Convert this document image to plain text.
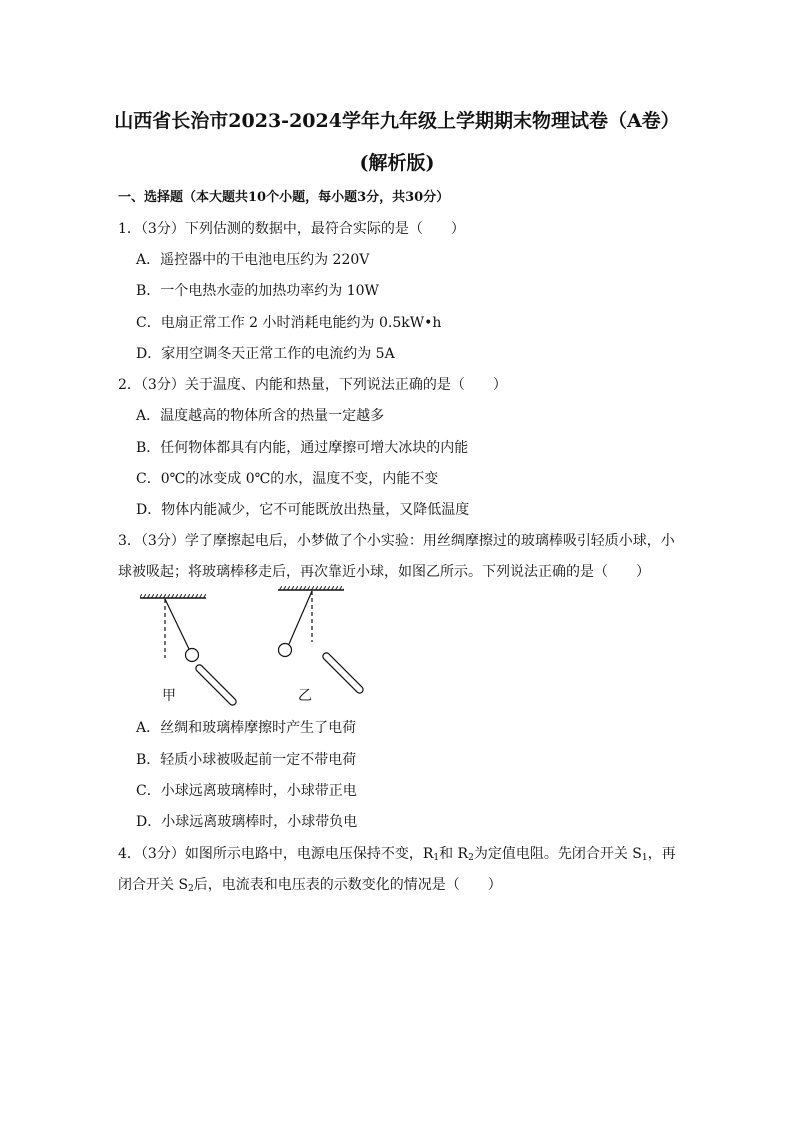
山西省长治市2023-2024学年九年级上学期期末物理试卷（A卷）
(解析版)
一、选择题（本大题共10个小题，每小题3分，共30分）
1．（3分）下列估测的数据中，最符合实际的是（　　）
A．遥控器中的干电池电压约为 220V
B．一个电热水壶的加热功率约为 10W
C．电扇正常工作 2 小时消耗电能约为 0.5kW•h
D．家用空调冬天正常工作的电流约为 5A
2．（3分）关于温度、内能和热量，下列说法正确的是（　　）
A．温度越高的物体所含的热量一定越多
B．任何物体都具有内能，通过摩擦可增大冰块的内能
C．0℃的冰变成 0℃的水，温度不变，内能不变
D．物体内能减少，它不可能既放出热量，又降低温度
3．（3分）学了摩擦起电后，小梦做了个小实验：用丝绸摩擦过的玻璃棒吸引轻质小球，小
球被吸起；将玻璃棒移走后，再次靠近小球，如图乙所示。下列说法正确的是（　　）
甲	乙
A．丝绸和玻璃棒摩擦时产生了电荷
B．轻质小球被吸起前一定不带电荷
C．小球远离玻璃棒时，小球带正电
D．小球远离玻璃棒时，小球带负电
4．（3分）如图所示电路中，电源电压保持不变，$R_1$和 $R_2$为定值电阻。先闭合开关 $S_1$，再
闭合开关 $S_2$后，电流表和电压表的示数变化的情况是（　　）
